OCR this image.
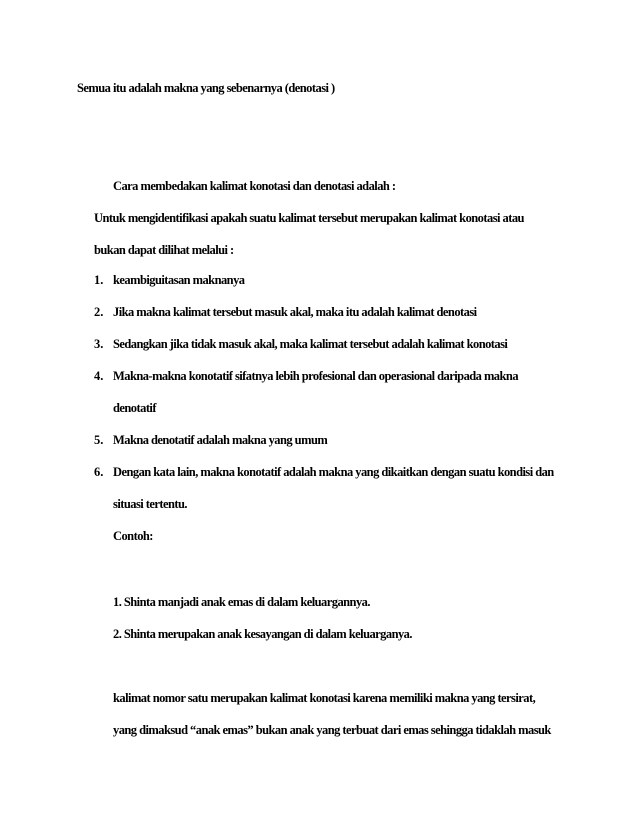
Semua itu adalah makna yang sebenarnya (denotasi )
Cara membedakan kalimat konotasi dan denotasi adalah :
Untuk mengidentifikasi apakah suatu kalimat tersebut merupakan kalimat konotasi atau
bukan dapat dilihat melalui :
1. keambiguitasan maknanya
2. Jika makna kalimat tersebut masuk akal, maka itu adalah kalimat denotasi
3. Sedangkan jika tidak masuk akal, maka kalimat tersebut adalah kalimat konotasi
4. Makna-makna konotatif sifatnya lebih profesional dan operasional daripada makna
denotatif
5. Makna denotatif adalah makna yang umum
6. Dengan kata lain, makna konotatif adalah makna yang dikaitkan dengan suatu kondisi dan
situasi tertentu.
Contoh:
1. Shinta manjadi anak emas di dalam keluargannya.
2. Shinta merupakan anak kesayangan di dalam keluarganya.
kalimat nomor satu merupakan kalimat konotasi karena memiliki makna yang tersirat,
yang dimaksud “anak emas” bukan anak yang terbuat dari emas sehingga tidaklah masuk
